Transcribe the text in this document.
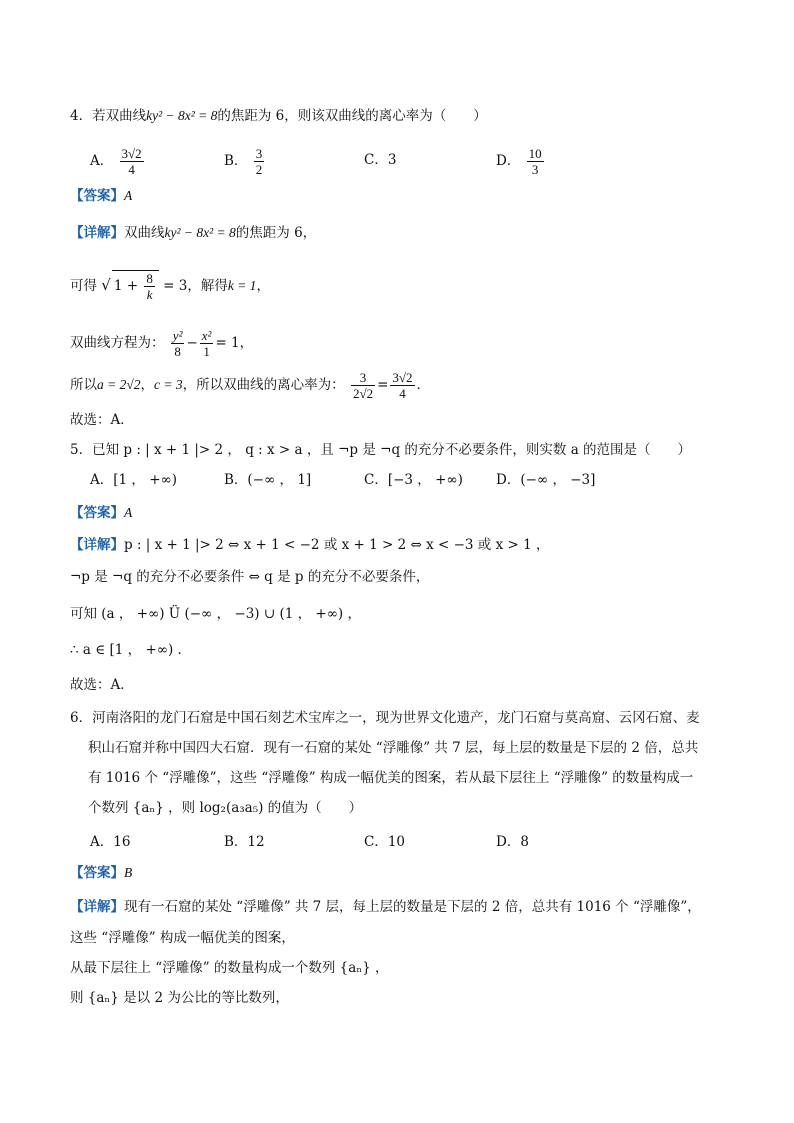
4．若双曲线ky² − 8x² = 8的焦距为 6，则该双曲线的离心率为（　　）
A． $\frac{3√2}{4}$	B． $\frac{3}{2}$	C．3	D． $\frac{10}{3}$
【答案】A
【详解】双曲线ky² − 8x² = 8的焦距为 6，
可得 √ $1 + \frac{8}{k} = 3$，解得k = 1，
双曲线方程为： $\frac{\text{y²}}{8} - \frac{\text{x²}}{1} = 1$，
所以a = 2√2，c = 3，所以双曲线的离心率为： $\frac{3}{2√2} = \frac{3√2}{4}$ ．
故选：A．
5．已知 p : | x + 1 |> 2 ， q : x > a ，且 ¬p 是 ¬q 的充分不必要条件，则实数 a 的范围是（　　）
A．[1 ， +∞)	B．(−∞ ， 1]	C．[−3 ， +∞) D．(−∞ ， −3]
【答案】A
【详解】p : | x + 1 |> 2 ⇔ x + 1 < −2 或 x + 1 > 2 ⇔ x < −3 或 x > 1 ，
¬p 是 ¬q 的充分不必要条件 ⇔ q 是 p 的充分不必要条件，
可知 (a ， +∞) Ü (−∞ ， −3) ∪ (1 ， +∞) ，
∴ a ∈ [1 ， +∞) ．
故选：A．
6．河南洛阳的龙门石窟是中国石刻艺术宝库之一，现为世界文化遗产，龙门石窟与莫高窟、云冈石窟、麦
积山石窟并称中国四大石窟．现有一石窟的某处 “浮雕像” 共 7 层，每上层的数量是下层的 2 倍，总共
有 1016 个 “浮雕像”，这些 “浮雕像” 构成一幅优美的图案，若从最下层往上 “浮雕像” 的数量构成一
个数列 {aₙ} ，则 log₂(a₃a₅) 的值为（　　）
A．16	B．12	C．10	D．8
【答案】B
【详解】现有一石窟的某处 “浮雕像” 共 7 层，每上层的数量是下层的 2 倍，总共有 1016 个 “浮雕像”，
这些 “浮雕像” 构成一幅优美的图案，
从最下层往上 “浮雕像” 的数量构成一个数列 {aₙ} ，
则 {aₙ} 是以 2 为公比的等比数列，
